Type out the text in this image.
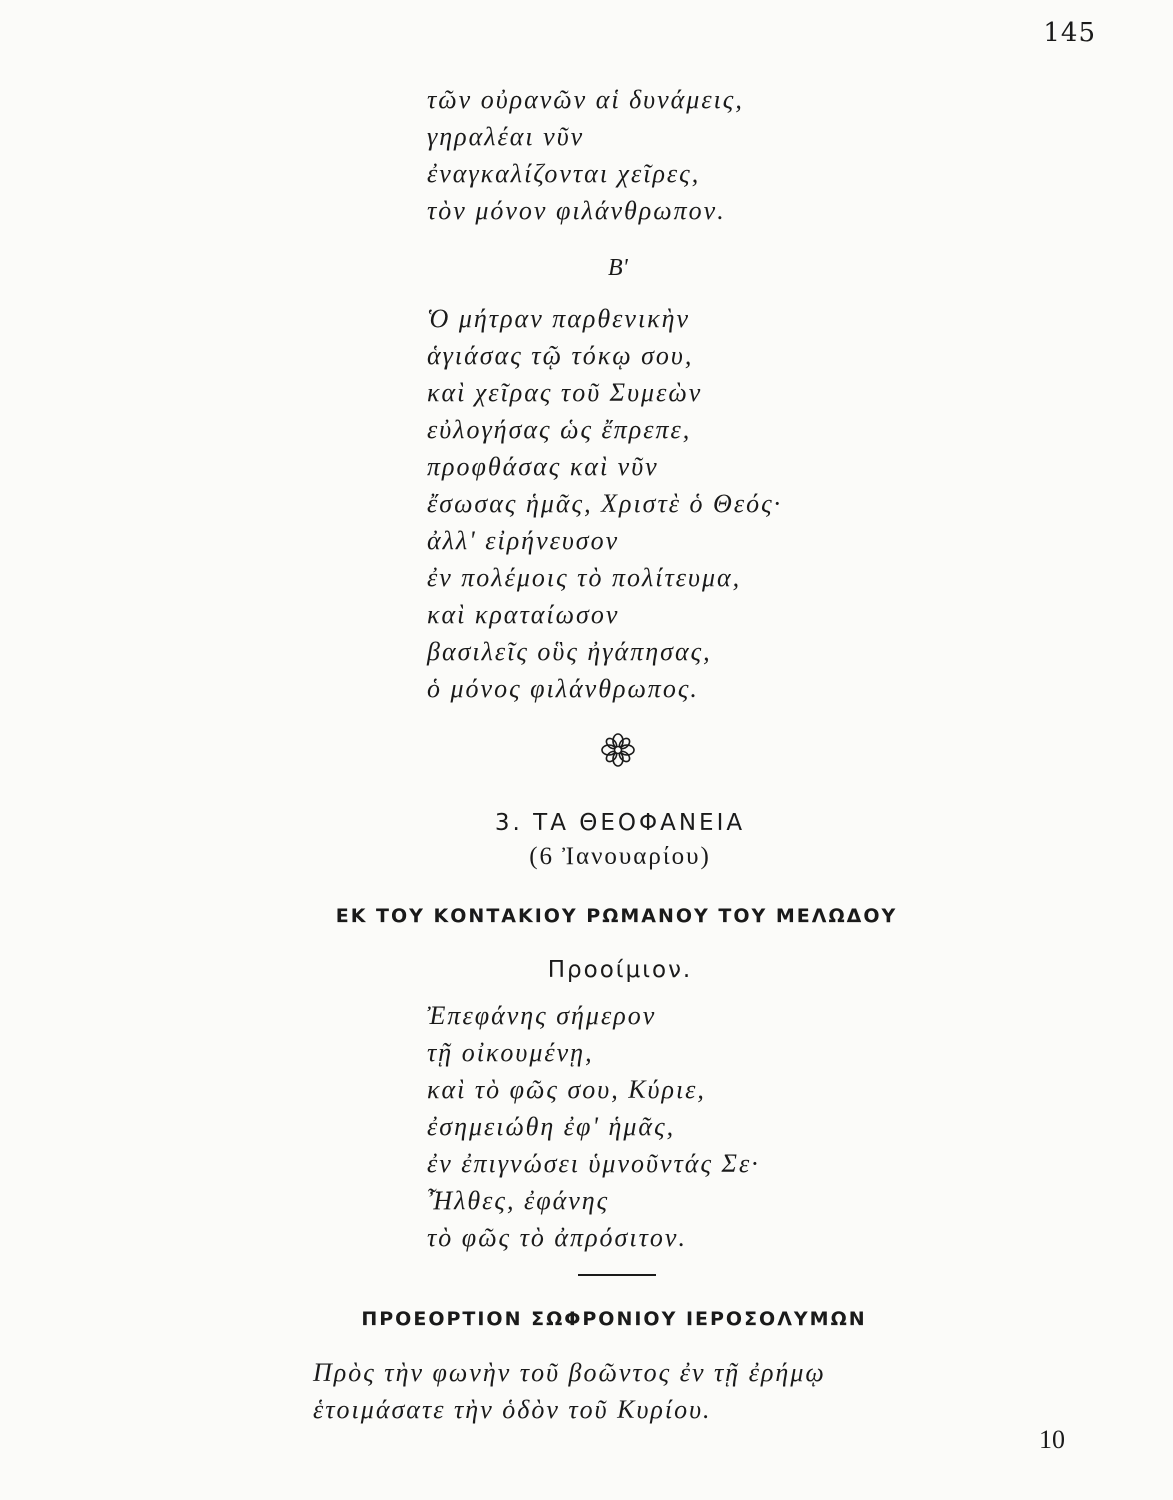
145
τῶν οὐρανῶν αἱ δυνάμεις,
γηραλέαι νῦν
ἐναγκαλίζονται χεῖρες,
τὸν μόνον φιλάνθρωπον.
Β'
Ὁ μήτραν παρθενικὴν
ἁγιάσας τῷ τόκῳ σου,
καὶ χεῖρας τοῦ Συμεὼν
εὐλογήσας ὡς ἔπρεπε,
προφθάσας καὶ νῦν
ἔσωσας ἡμᾶς, Χριστὲ ὁ Θεός·
ἀλλ' εἰρήνευσον
ἐν πολέμοις τὸ πολίτευμα,
καὶ κραταίωσον
βασιλεῖς οὓς ἠγάπησας,
ὁ μόνος φιλάνθρωπος.
3. ΤΑ ΘΕΟΦΑΝΕΙΑ
(6 Ἰανουαρίου)
ΕΚ ΤΟΥ ΚΟΝΤΑΚΙΟΥ ΡΩΜΑΝΟΥ ΤΟΥ ΜΕΛΩΔΟΥ
Προοίμιον.
Ἐπεφάνης σήμερον
τῇ οἰκουμένῃ,
καὶ τὸ φῶς σου, Κύριε,
ἐσημειώθη ἐφ' ἡμᾶς,
ἐν ἐπιγνώσει ὑμνοῦντάς Σε·
Ἦλθες, ἐφάνης
τὸ φῶς τὸ ἀπρόσιτον.
ΠΡΟΕΟΡΤΙΟΝ ΣΩΦΡΟΝΙΟΥ ΙΕΡΟΣΟΛΥΜΩΝ
Πρὸς τὴν φωνὴν τοῦ βοῶντος ἐν τῇ ἐρήμῳ
ἑτοιμάσατε τὴν ὁδὸν τοῦ Κυρίου.
10
